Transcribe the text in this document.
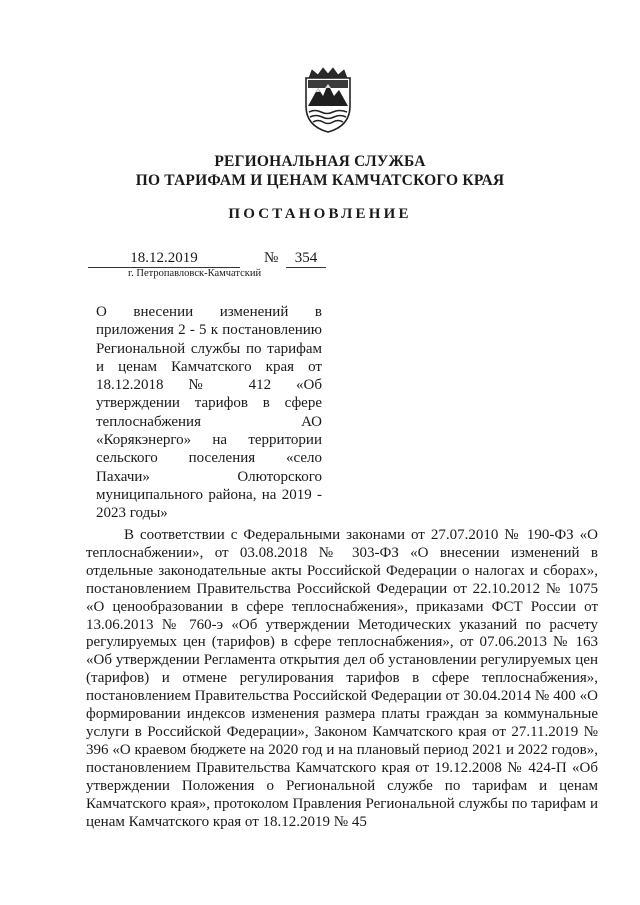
РЕГИОНАЛЬНАЯ СЛУЖБА
ПО ТАРИФАМ И ЦЕНАМ КАМЧАТСКОГО КРАЯ
ПОСТАНОВЛЕНИЕ
18.12.2019	№	354
г. Петропавловск-Камчатский
О внесении изменений в приложения 2 - 5 к постановлению Региональной службы по тарифам и ценам Камчатского края от 18.12.2018 № 412 «Об утверждении тарифов в сфере теплоснабжения АО «Корякэнерго» на территории сельского поселения «село Пахачи» Олюторского муниципального района, на 2019 - 2023 годы»
В соответствии с Федеральными законами от 27.07.2010 № 190-ФЗ «О теплоснабжении», от 03.08.2018 № 303-ФЗ «О внесении изменений в отдельные законодательные акты Российской Федерации о налогах и сборах», постановлением Правительства Российской Федерации от 22.10.2012 № 1075 «О ценообразовании в сфере теплоснабжения», приказами ФСТ России от 13.06.2013 № 760-э «Об утверждении Методических указаний по расчету регулируемых цен (тарифов) в сфере теплоснабжения», от 07.06.2013 № 163 «Об утверждении Регламента открытия дел об установлении регулируемых цен (тарифов) и отмене регулирования тарифов в сфере теплоснабжения», постановлением Правительства Российской Федерации от 30.04.2014 № 400 «О формировании индексов изменения размера платы граждан за коммунальные услуги в Российской Федерации», Законом Камчатского края от 27.11.2019 № 396 «О краевом бюджете на 2020 год и на плановый период 2021 и 2022 годов», постановлением Правительства Камчатского края от 19.12.2008 № 424-П «Об утверждении Положения о Региональной службе по тарифам и ценам Камчатского края», протоколом Правления Региональной службы по тарифам и ценам Камчатского края от 18.12.2019 № 45
